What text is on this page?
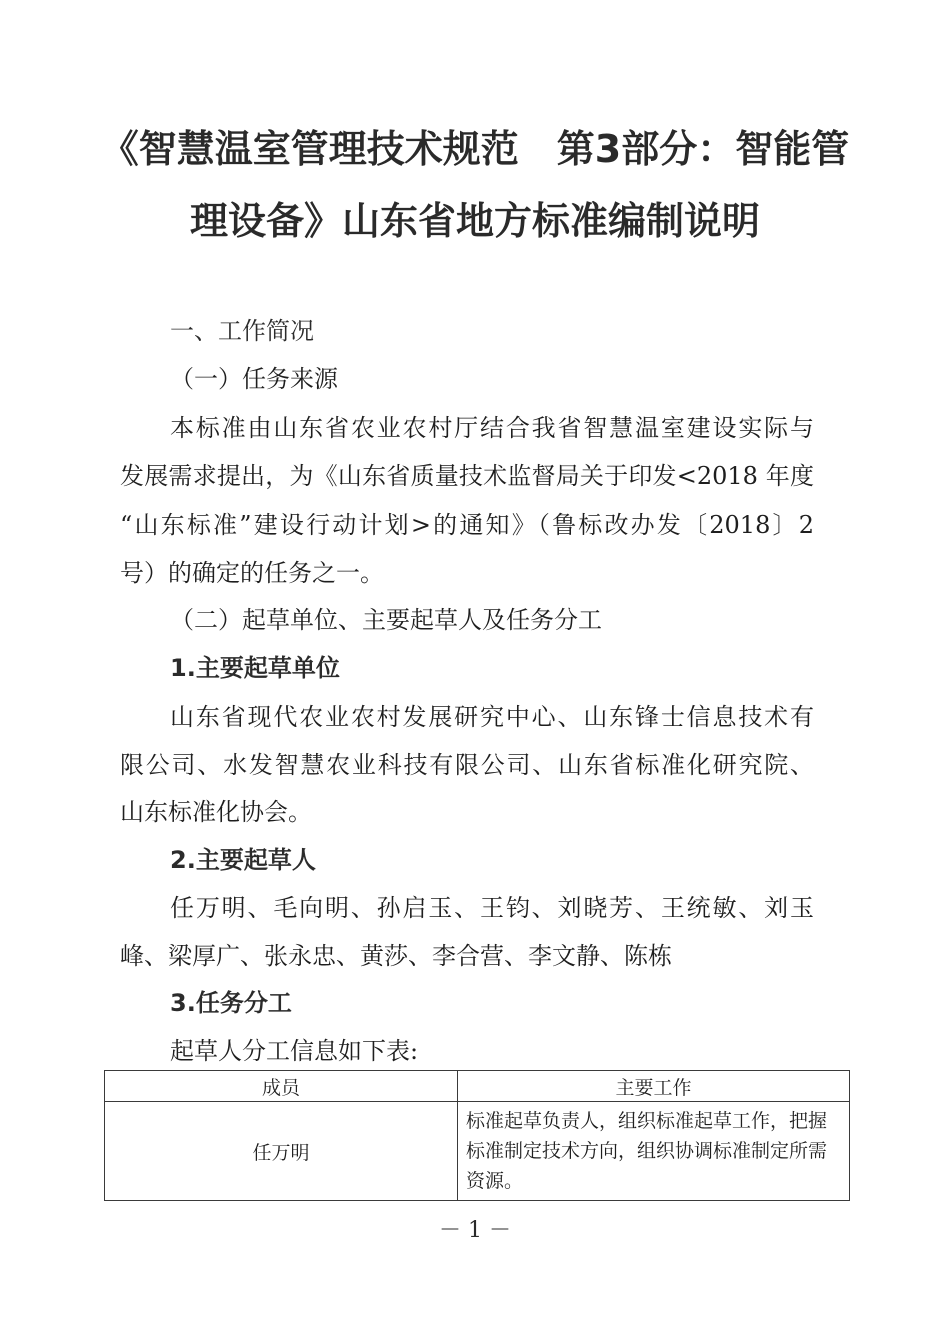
《智慧温室管理技术规范　第3部分：智能管
理设备》山东省地方标准编制说明
一、工作简况
（一）任务来源
本标准由山东省农业农村厅结合我省智慧温室建设实际与
发展需求提出，为《山东省质量技术监督局关于印发<2018 年度
“山东标准”建设行动计划>的通知》（鲁标改办发〔2018〕2
号）的确定的任务之一。
（二）起草单位、主要起草人及任务分工
1.主要起草单位
山东省现代农业农村发展研究中心、山东锋士信息技术有
限公司、水发智慧农业科技有限公司、山东省标准化研究院、
山东标准化协会。
2.主要起草人
任万明、毛向明、孙启玉、王钧、刘晓芳、王统敏、刘玉
峰、梁厚广、张永忠、黄莎、李合营、李文静、陈栋
3.任务分工
起草人分工信息如下表:
成员	主要工作
任万明	标准起草负责人，组织标准起草工作，把握标准制定技术方向，组织协调标准制定所需资源。
－ 1 －
